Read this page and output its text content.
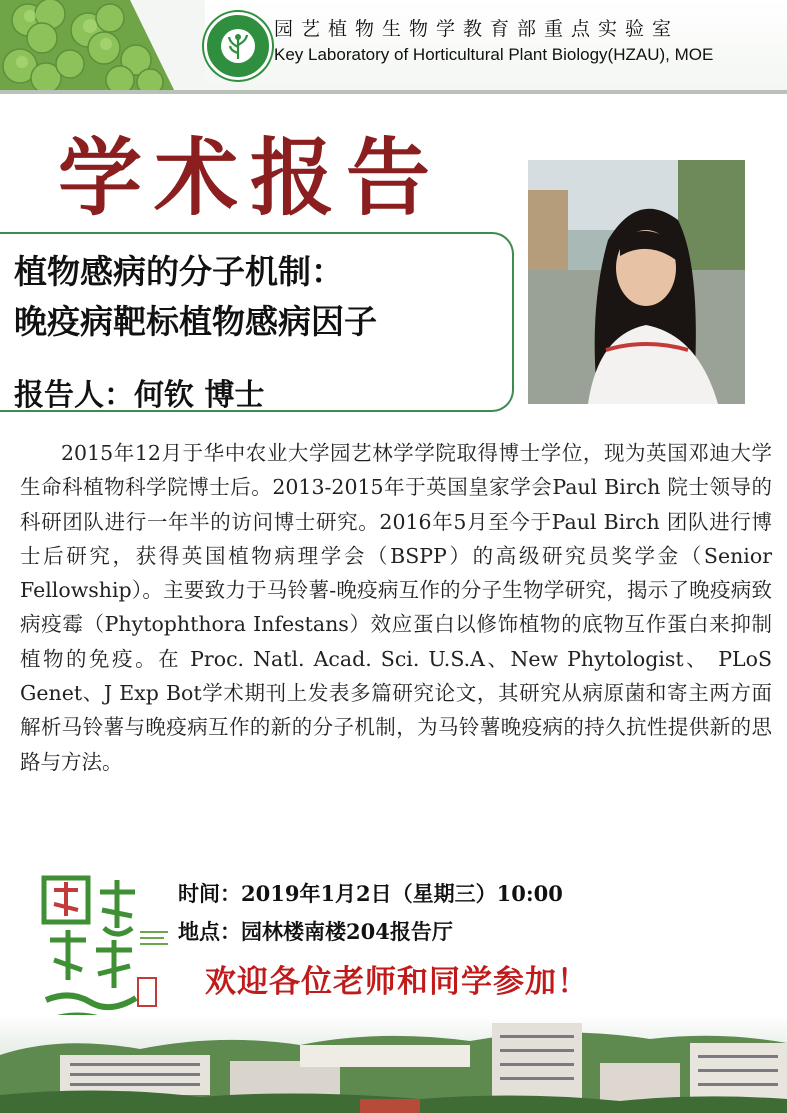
园艺植物生物学教育部重点实验室
Key Laboratory of Horticultural Plant Biology(HZAU), MOE
学术报告
植物感病的分子机制：
晚疫病靶标植物感病因子
报告人：何钦 博士
2015年12月于华中农业大学园艺林学学院取得博士学位，现为英国邓迪大学生命科植物科学院博士后。2013-2015年于英国皇家学会Paul Birch 院士领导的科研团队进行一年半的访问博士研究。2016年5月至今于Paul Birch 团队进行博士后研究，获得英国植物病理学会（BSPP）的高级研究员奖学金（Senior Fellowship）。主要致力于马铃薯-晚疫病互作的分子生物学研究，揭示了晚疫病致病疫霉（Phytophthora Infestans）效应蛋白以修饰植物的底物互作蛋白来抑制植物的免疫。在 Proc. Natl. Acad. Sci. U.S.A、New Phytologist、 PLoS Genet、J Exp Bot学术期刊上发表多篇研究论文，其研究从病原菌和寄主两方面解析马铃薯与晚疫病互作的新的分子机制，为马铃薯晚疫病的持久抗性提供新的思路与方法。
时间：2019年1月2日（星期三）10:00
地点：园林楼南楼204报告厅
欢迎各位老师和同学参加！
